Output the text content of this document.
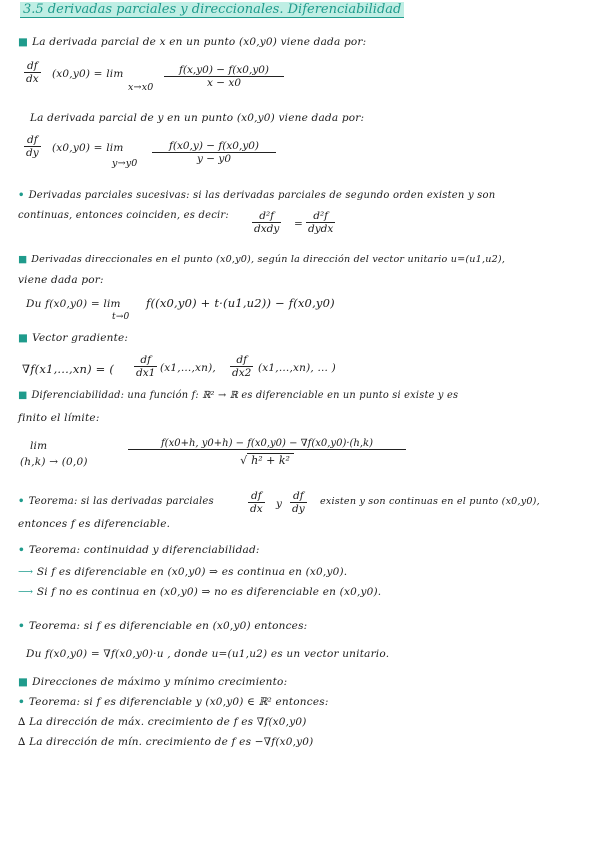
3.5 derivadas parciales y direccionales. Diferenciabilidad
■ La derivada parcial de x en un punto (x0,y0) viene dada por:
$\frac{df}{dx} (x0,y0) = \lim$
$x\to x0 \frac{f(x,y0) - f(x0,y0)}{x - x0}$
La derivada parcial de y en un punto (x0,y0) viene dada por:
$\frac{df}{dy} (x0,y0) = \lim$
$y\to y0 \frac{f(x0,y) - f(x0,y0)}{y - y0}$
• Derivadas parciales sucesivas: si las derivadas parciales de segundo orden existen y son
continuas, entonces coinciden, es decir:	d²f
dxdy =
d²f
dydx
■ Derivadas direccionales en el punto (x0,y0), según la dirección del vector unitario u=(u1,u2),
viene dada por:
Du f(x0,y0) = lim
t→0
f((x0,y0) + t·(u1,u2)) − f(x0,y0)
■ Vector gradiente:
∇f(x1,...,xn) = ( $\frac{df}{dx1} (x1,...,xn)$, $\frac{df}{dx2} (x1,...,xn)$, ... )
■ Diferenciabilidad: una función f: ℝ² → ℝ es diferenciable en un punto si existe y es
finito el límite:
lim
(h,k) → (0,0)	$\frac{f(x0+h, y0+h) - f(x0,y0) - \nabla f(x0,y0)\cdot(h,k)}{\text{√ h² + k²}}$
• Teorema: si las derivadas parciales	$\frac{df}{dx}$ y $\frac{df}{dy}$ existen y son continuas en el punto (x0,y0),
entonces f es diferenciable.
• Teorema: continuidad y diferenciabilidad:
⟶ Si f es diferenciable en (x0,y0) ⇒ es continua en (x0,y0).
⟶ Si f no es continua en (x0,y0) ⇒ no es diferenciable en (x0,y0).
• Teorema: si f es diferenciable en (x0,y0) entonces:
Du f(x0,y0) = ∇f(x0,y0)·u , donde u=(u1,u2) es un vector unitario.
■ Direcciones de máximo y mínimo crecimiento:
• Teorema: si f es diferenciable y (x0,y0) ∈ ℝ² entonces:
∆ La dirección de máx. crecimiento de f es ∇f(x0,y0)
∆ La dirección de mín. crecimiento de f es −∇f(x0,y0)
